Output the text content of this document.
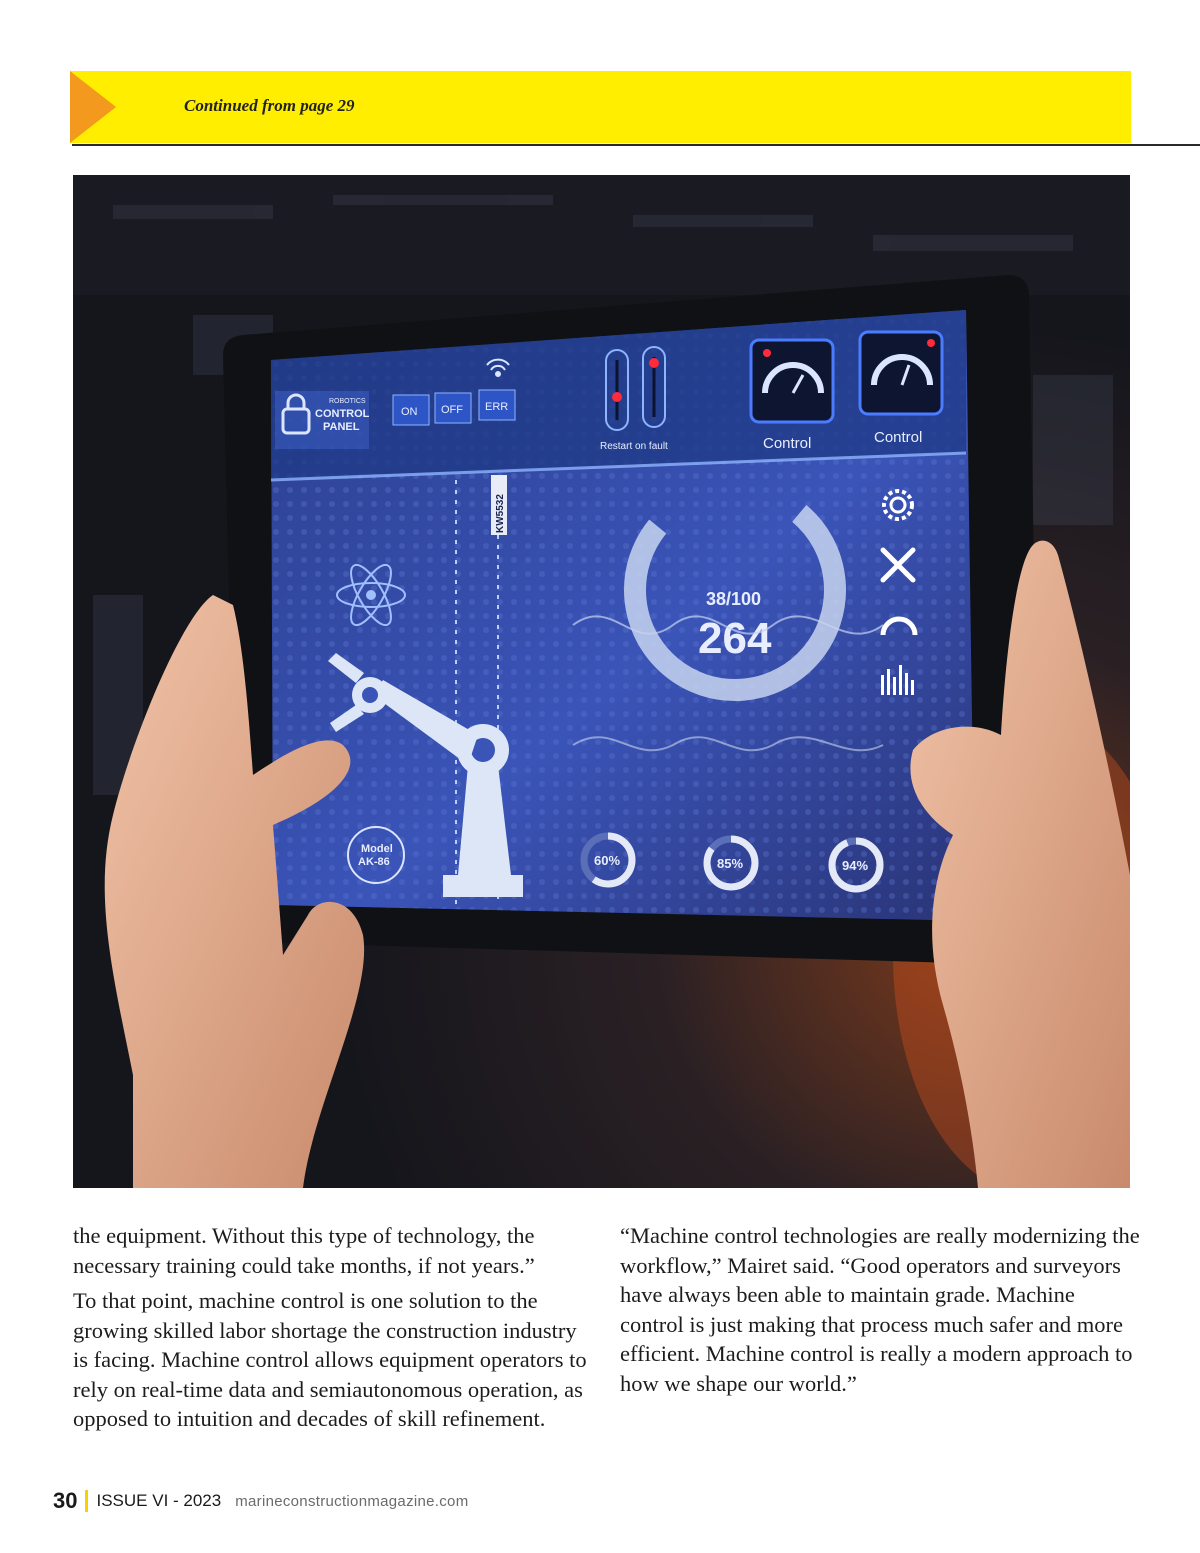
Continued from page 29
ROBOTICS
CONTROL
PANEL
ON OFF ERR
Restart on fault	Control	Control
KW5532
Model
AK-86
38/100
264
60%	85%	94%

the equipment. Without this type of technology, the necessary training could take months, if not years.”

To that point, machine control is one solution to the growing skilled labor shortage the construction industry is facing. Machine control allows equipment operators to rely on real-time data and semiautonomous operation, as opposed to intuition and decades of skill refinement.

“Machine control technologies are really modernizing the workflow,” Mairet said. “Good operators and surveyors have always been able to maintain grade. Machine control is just making that process much safer and more efficient. Machine control is really a modern approach to how we shape our world.”

30 ISSUE VI - 2023 marineconstructionmagazine.com
